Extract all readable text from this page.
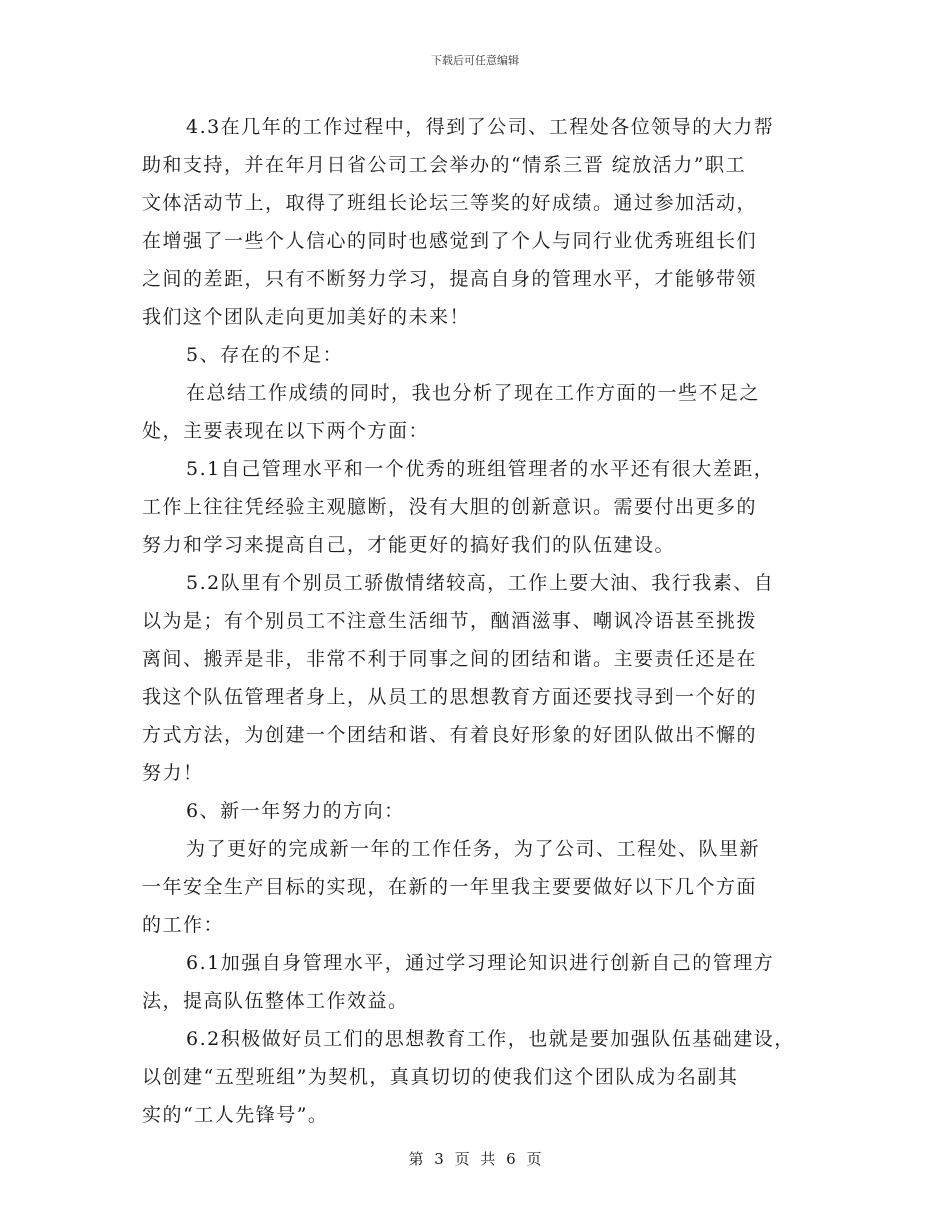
下载后可任意编辑
4.3在几年的工作过程中，得到了公司、工程处各位领导的大力帮
助和支持，并在年月日省公司工会举办的“情系三晋 绽放活力”职工
文体活动节上，取得了班组长论坛三等奖的好成绩。通过参加活动，
在增强了一些个人信心的同时也感觉到了个人与同行业优秀班组长们
之间的差距，只有不断努力学习，提高自身的管理水平，才能够带领
我们这个团队走向更加美好的未来！
5、存在的不足：
在总结工作成绩的同时，我也分析了现在工作方面的一些不足之
处，主要表现在以下两个方面：
5.1自己管理水平和一个优秀的班组管理者的水平还有很大差距，
工作上往往凭经验主观臆断，没有大胆的创新意识。需要付出更多的
努力和学习来提高自己，才能更好的搞好我们的队伍建设。
5.2队里有个别员工骄傲情绪较高，工作上要大油、我行我素、自
以为是；有个别员工不注意生活细节，酗酒滋事、嘲讽冷语甚至挑拨
离间、搬弄是非，非常不利于同事之间的团结和谐。主要责任还是在
我这个队伍管理者身上，从员工的思想教育方面还要找寻到一个好的
方式方法，为创建一个团结和谐、有着良好形象的好团队做出不懈的
努力！
6、新一年努力的方向：
为了更好的完成新一年的工作任务，为了公司、工程处、队里新
一年安全生产目标的实现，在新的一年里我主要要做好以下几个方面
的工作：
6.1加强自身管理水平，通过学习理论知识进行创新自己的管理方
法，提高队伍整体工作效益。
6.2积极做好员工们的思想教育工作，也就是要加强队伍基础建设，
以创建“五型班组”为契机，真真切切的使我们这个团队成为名副其
实的“工人先锋号”。
第 3 页 共 6 页
